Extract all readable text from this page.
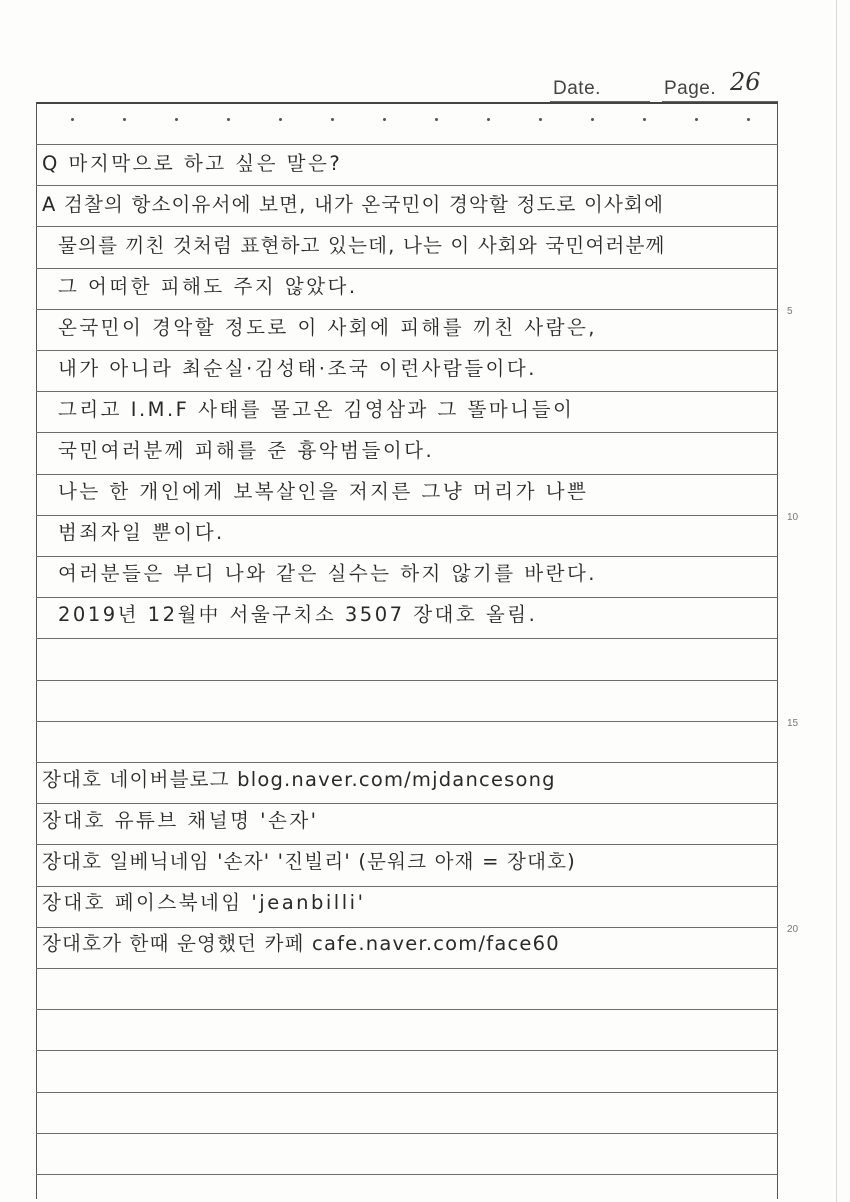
Date.	Page. 26
5
10
15
20
Q 마지막으로 하고 싶은 말은?
A 검찰의 항소이유서에 보면, 내가 온국민이 경악할 정도로 이사회에
물의를 끼친 것처럼 표현하고 있는데, 나는 이 사회와 국민여러분께
그 어떠한 피해도 주지 않았다.
온국민이 경악할 정도로 이 사회에 피해를 끼친 사람은,
내가 아니라 최순실·김성태·조국 이런사람들이다.
그리고 I.M.F 사태를 몰고온 김영삼과 그 똘마니들이
국민여러분께 피해를 준 흉악범들이다.
나는 한 개인에게 보복살인을 저지른 그냥 머리가 나쁜
범죄자일 뿐이다.
여러분들은 부디 나와 같은 실수는 하지 않기를 바란다.
2019년 12월中 서울구치소 3507 장대호 올림.
장대호 네이버블로그 blog.naver.com/mjdancesong
장대호 유튜브 채널명 '손자'
장대호 일베닉네임 '손자' '진빌리' (문워크 아재 = 장대호)
장대호 페이스북네임 'jeanbilli'
장대호가 한때 운영했던 카페 cafe.naver.com/face60
